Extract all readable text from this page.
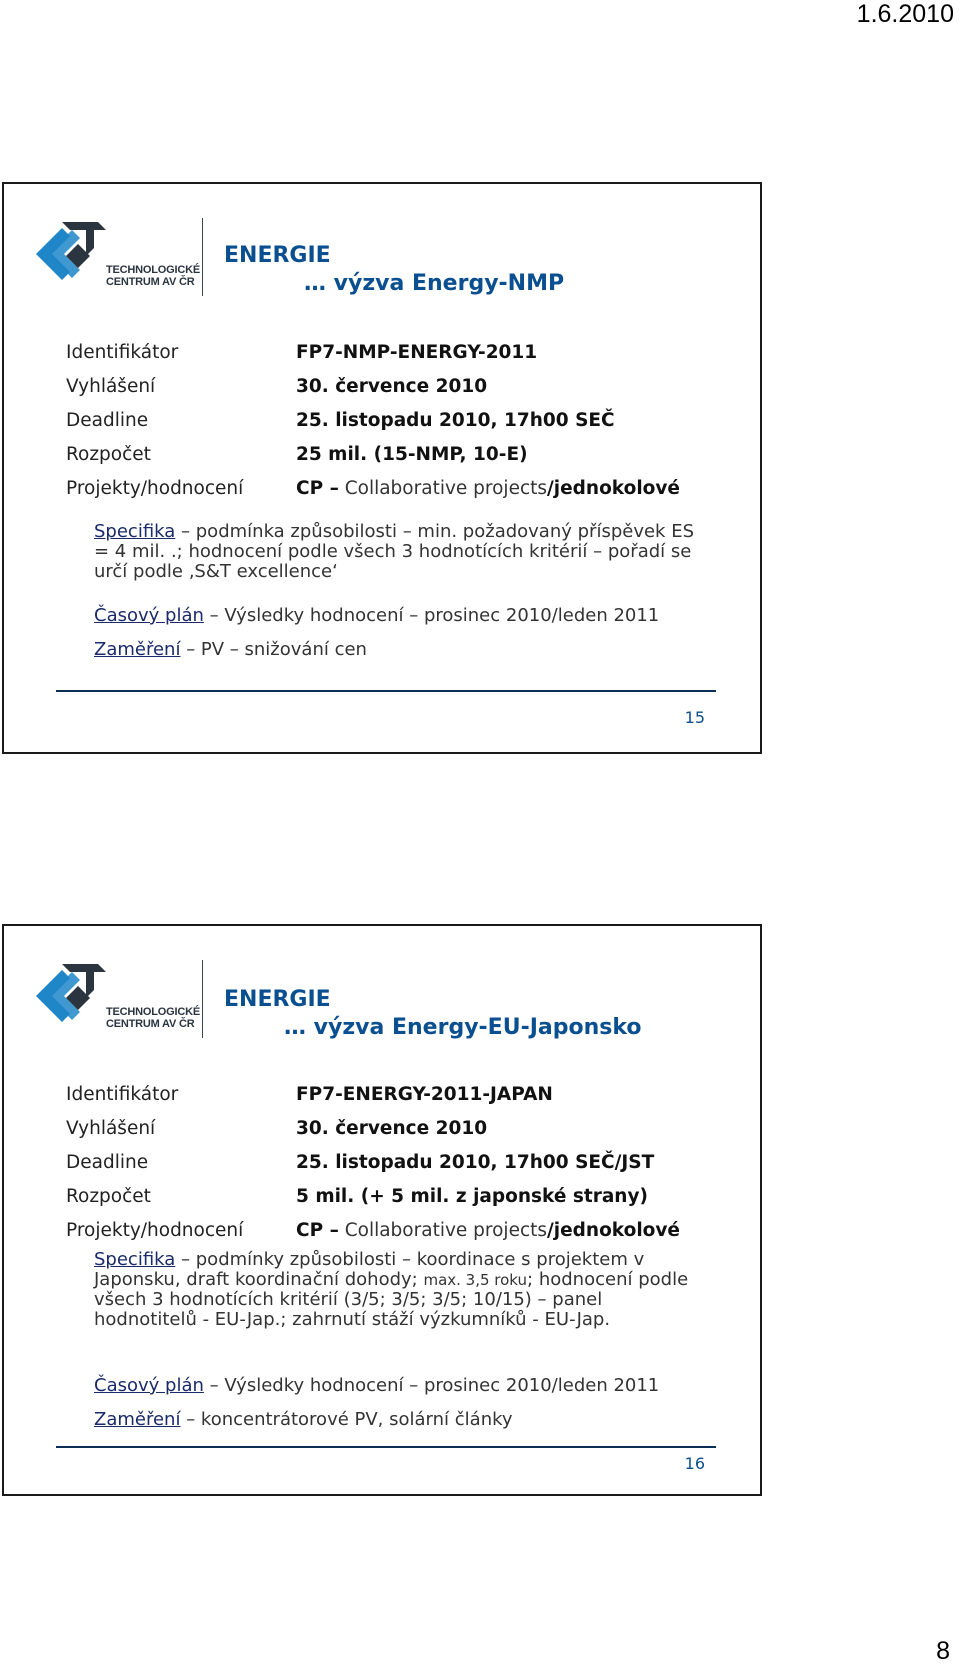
1.6.2010
TECHNOLOGICKÉ
CENTRUM AV ČR
ENERGIE
… výzva Energy-NMP
Identifikátor	FP7-NMP-ENERGY-2011
Vyhlášení	30. července 2010
Deadline	25. listopadu 2010, 17h00 SEČ
Rozpočet	25 mil. (15-NMP, 10-E)
Projekty/hodnocení	CP – Collaborative projects/jednokolové
Specifika – podmínka způsobilosti – min. požadovaný příspěvek ES = 4 mil. .; hodnocení podle všech 3 hodnotících kritérií – pořadí se určí podle ‚S&T excellence‘
Časový plán – Výsledky hodnocení – prosinec 2010/leden 2011
Zaměření – PV – snižování cen
15
TECHNOLOGICKÉ
CENTRUM AV ČR
ENERGIE
… výzva Energy-EU-Japonsko
Identifikátor	FP7-ENERGY-2011-JAPAN
Vyhlášení	30. července 2010
Deadline	25. listopadu 2010, 17h00 SEČ/JST
Rozpočet	5 mil. (+ 5 mil. z japonské strany)
Projekty/hodnocení	CP – Collaborative projects/jednokolové
Specifika – podmínky způsobilosti – koordinace s projektem v Japonsku, draft koordinační dohody; max. 3,5 roku; hodnocení podle všech 3 hodnotících kritérií (3/5; 3/5; 3/5; 10/15) – panel hodnotitelů - EU-Jap.; zahrnutí stáží výzkumníků - EU-Jap.
Časový plán – Výsledky hodnocení – prosinec 2010/leden 2011
Zaměření – koncentrátorové PV, solární články
16
8
